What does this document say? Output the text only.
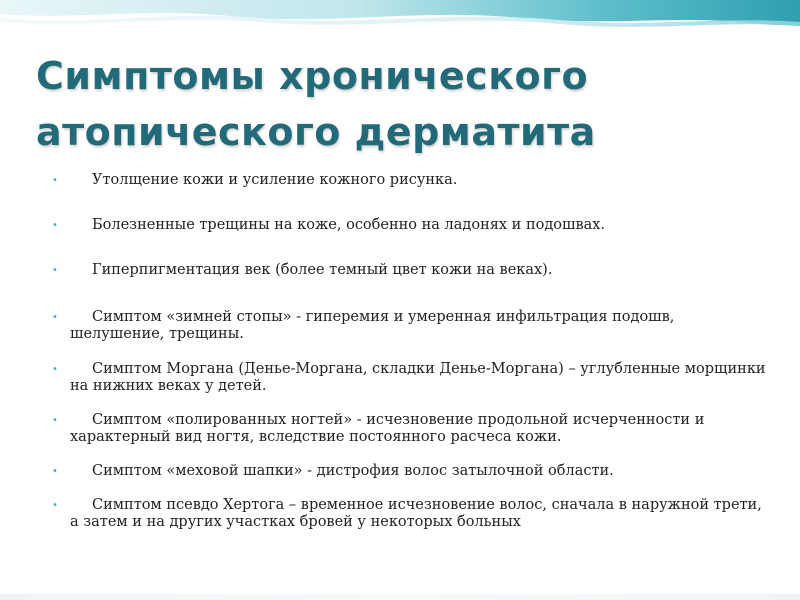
Симптомы хронического
атопического дерматита
•	Утолщение кожи и усиление кожного рисунка.
•	Болезненные трещины на коже, особенно на ладонях и подошвах.
•	Гиперпигментация век (более темный цвет кожи на веках).
•	Симптом «зимней стопы» - гиперемия и умеренная инфильтрация подошв, шелушение, трещины.
•	Симптом Моргана (Денье-Моргана, складки Денье-Моргана) – углубленные морщинки на нижних веках у детей.
•	Симптом «полированных ногтей» - исчезновение продольной исчерченности и характерный вид ногтя, вследствие постоянного расчеса кожи.
•	Симптом «меховой шапки» - дистрофия волос затылочной области.
•	Симптом псевдо Хертога – временное исчезновение волос, сначала в наружной трети, а затем и на других участках бровей у некоторых больных
